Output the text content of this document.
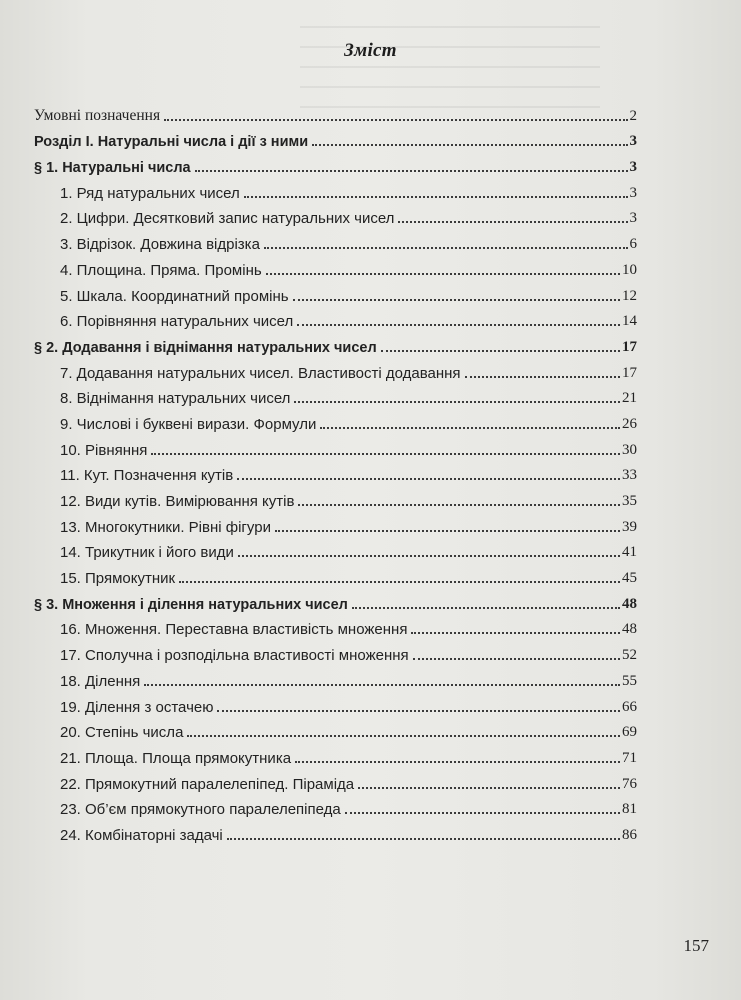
Зміст
Умовні позначення	2
Розділ I. Натуральні числа і дії з ними	3
§ 1. Натуральні числа	3
1. Ряд натуральних чисел	3
2. Цифри. Десятковий запис натуральних чисел	3
3. Відрізок. Довжина відрізка	6
4. Площина. Пряма. Промінь	10
5. Шкала. Координатний промінь	12
6. Порівняння натуральних чисел	14
§ 2. Додавання і віднімання натуральних чисел	17
7. Додавання натуральних чисел. Властивості додавання	17
8. Віднімання натуральних чисел	21
9. Числові і буквені вирази. Формули	26
10. Рівняння	30
11. Кут. Позначення кутів	33
12. Види кутів. Вимірювання кутів	35
13. Многокутники. Рівні фігури	39
14. Трикутник і його види	41
15. Прямокутник	45
§ 3. Множення і ділення натуральних чисел	48
16. Множення. Переставна властивість множення	48
17. Сполучна і розподільна властивості множення	52
18. Ділення	55
19. Ділення з остачею	66
20. Степінь числа	69
21. Площа. Площа прямокутника	71
22. Прямокутний паралелепіпед. Піраміда	76
23. Об’єм прямокутного паралелепіпеда	81
24. Комбінаторні задачі	86
157
